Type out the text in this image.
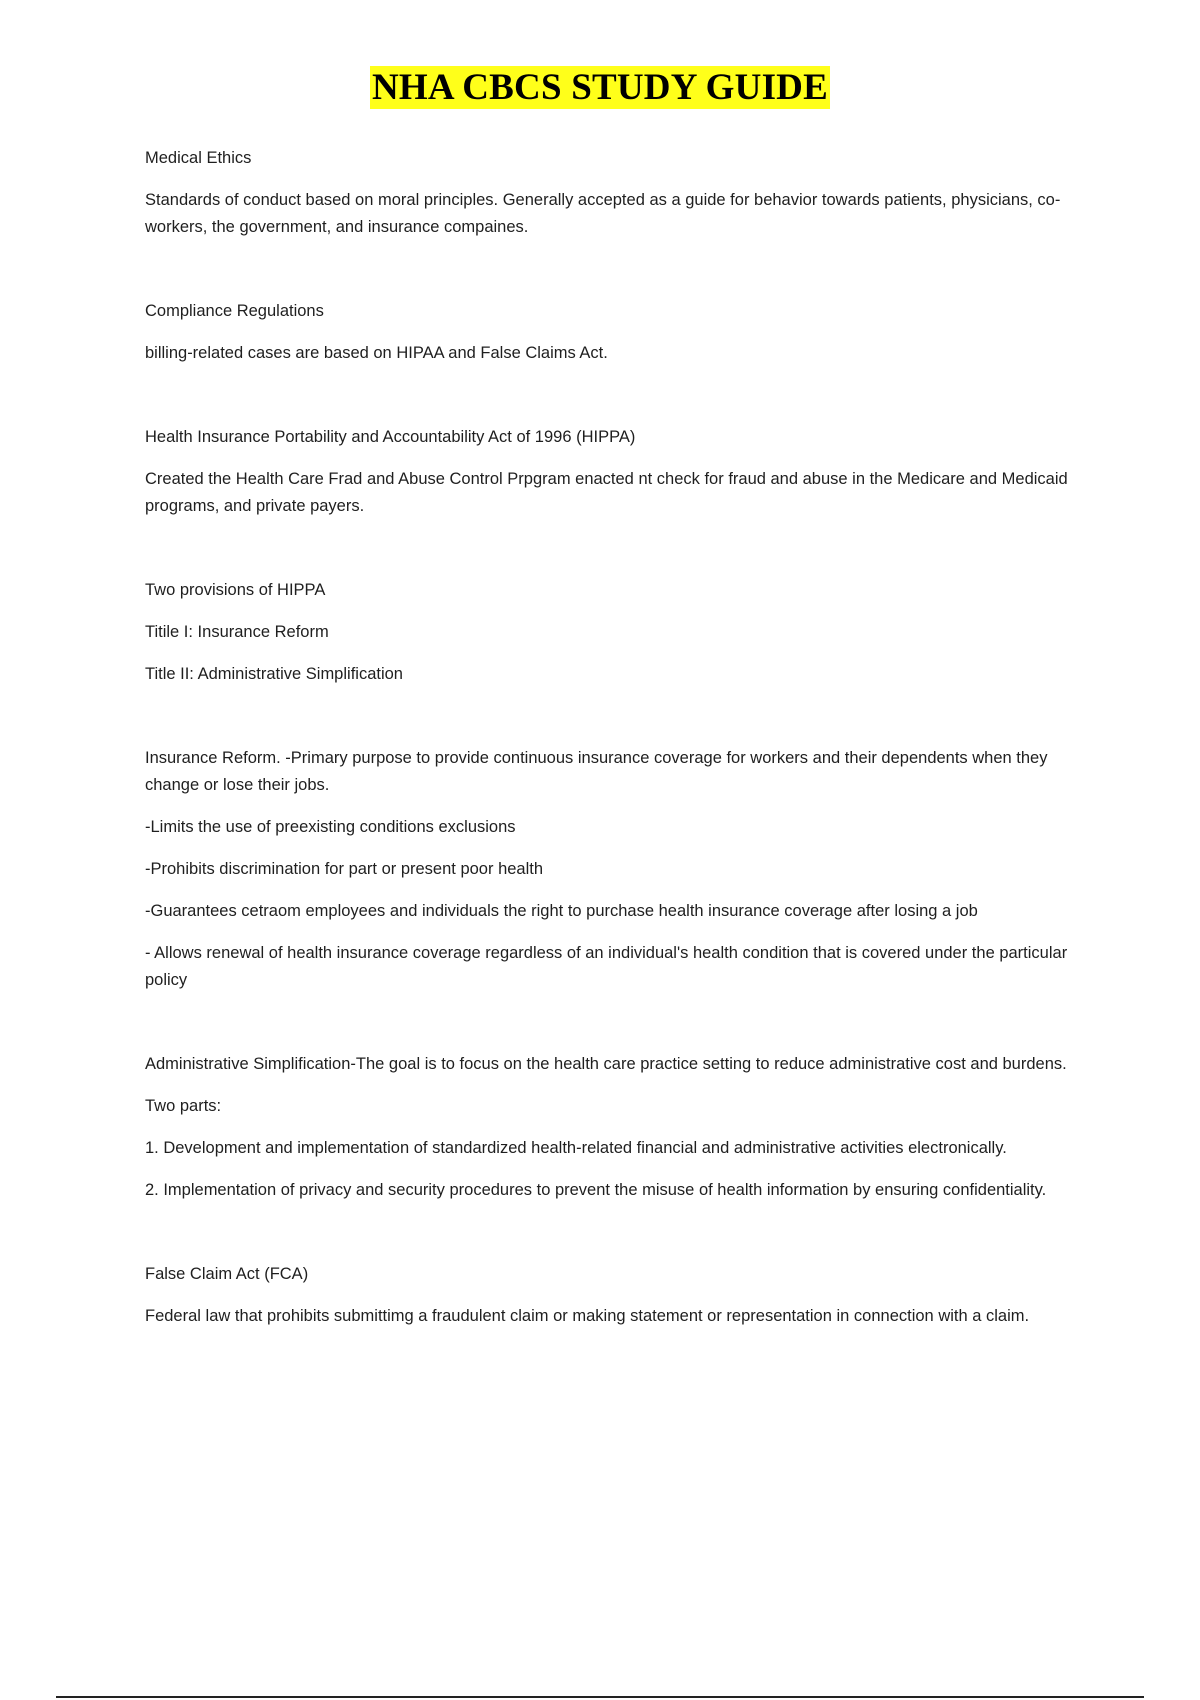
NHA CBCS STUDY GUIDE
Medical Ethics
Standards of conduct based on moral principles. Generally accepted as a guide for behavior towards patients, physicians, co-workers, the government, and insurance compaines.
Compliance Regulations
billing-related cases are based on HIPAA and False Claims Act.
Health Insurance Portability and Accountability Act of 1996 (HIPPA)
Created the Health Care Frad and Abuse Control Prpgram enacted nt check for fraud and abuse in the Medicare and Medicaid programs, and private payers.
Two provisions of HIPPA
Titile I: Insurance Reform
Title II: Administrative Simplification
Insurance Reform. -Primary purpose to provide continuous insurance coverage for workers and their dependents when they change or lose their jobs.
-Limits the use of preexisting conditions exclusions
-Prohibits discrimination for part or present poor health
-Guarantees cetraom employees and individuals the right to purchase health insurance coverage after losing a job
- Allows renewal of health insurance coverage regardless of an individual's health condition that is covered under the particular policy
Administrative Simplification-The goal is to focus on the health care practice setting to reduce administrative cost and burdens.
Two parts:
1. Development and implementation of standardized health-related financial and administrative activities electronically.
2. Implementation of privacy and security procedures to prevent the misuse of health information by ensuring confidentiality.
False Claim Act (FCA)
Federal law that prohibits submittimg a fraudulent claim or making statement or representation in connection with a claim.
